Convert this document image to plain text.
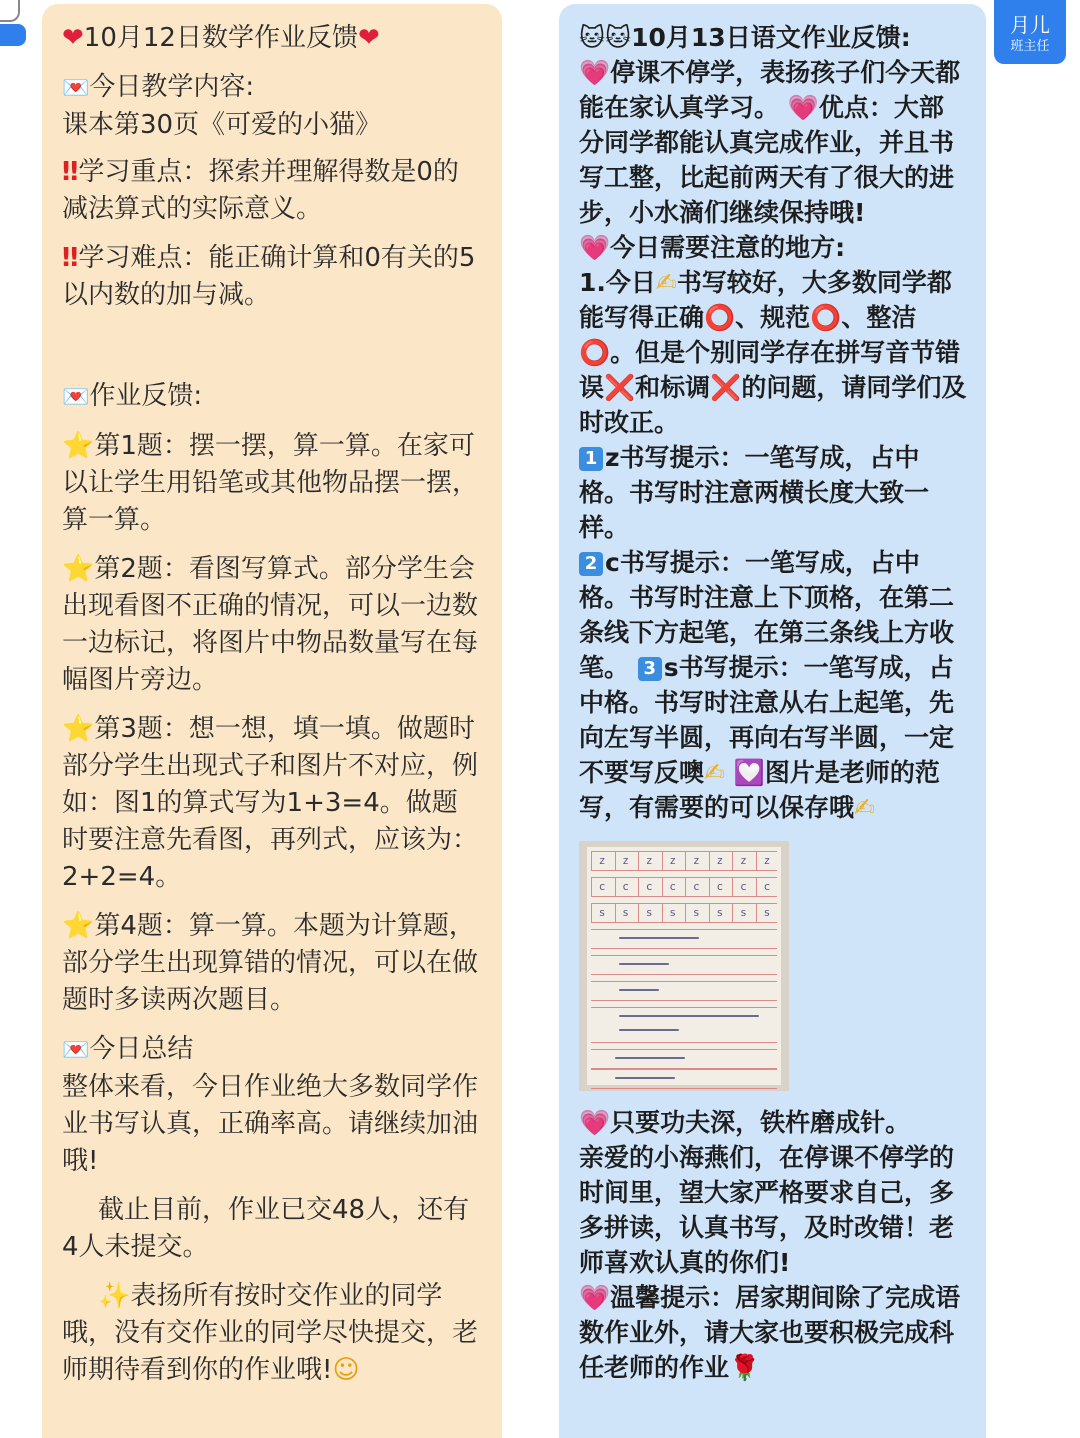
❤10月12日数学作业反馈❤
💌今日教学内容:
课本第30页《可爱的小猫》
‼学习重点：探索并理解得数是0的减法算式的实际意义。
‼学习难点：能正确计算和0有关的5以内数的加与减。
💌作业反馈:
⭐第1题：摆一摆，算一算。在家可以让学生用铅笔或其他物品摆一摆，算一算。
⭐第2题：看图写算式。部分学生会出现看图不正确的情况，可以一边数一边标记，将图片中物品数量写在每幅图片旁边。
⭐第3题：想一想，填一填。做题时部分学生出现式子和图片不对应，例如：图1的算式写为1+3=4。做题时要注意先看图，再列式，应该为：2+2=4。
⭐第4题：算一算。本题为计算题，部分学生出现算错的情况，可以在做题时多读两次题目。
💌今日总结
整体来看，今日作业绝大多数同学作业书写认真，正确率高。请继续加油哦!
截止目前，作业已交48人，还有4人未提交。
✨表扬所有按时交作业的同学哦，没有交作业的同学尽快提交，老师期待看到你的作业哦!☺
🐱🐱10月13日语文作业反馈:
💗停课不停学，表扬孩子们今天都能在家认真学习。 💗优点：大部分同学都能认真完成作业，并且书写工整，比起前两天有了很大的进步，小水滴们继续保持哦!
💗今日需要注意的地方:
1.今日✍书写较好，大多数同学都能写得正确⭕、规范⭕、整洁⭕。但是个别同学存在拼写音节错误❌和标调❌的问题，请同学们及时改正。
1 z书写提示：一笔写成，占中格。书写时注意两横长度大致一样。
2 c书写提示：一笔写成，占中格。书写时注意上下顶格，在第二条线下方起笔，在第三条线上方收笔。 3 s书写提示：一笔写成，占中格。书写时注意从右上起笔，先向左写半圆，再向右写半圆，一定不要写反噢✍ 💟图片是老师的范写，有需要的可以保存哦✍
z	z	z	z	z	z	z	z
c	c	c	c	c	c	c	c
s	s	s	s	s	s	s	s
💗只要功夫深，铁杵磨成针。
亲爱的小海燕们，在停课不停学的时间里，望大家严格要求自己，多多拼读，认真书写，及时改错！老师喜欢认真的你们!
💗温馨提示：居家期间除了完成语数作业外，请大家也要积极完成科任老师的作业🌹
月儿
班主任
